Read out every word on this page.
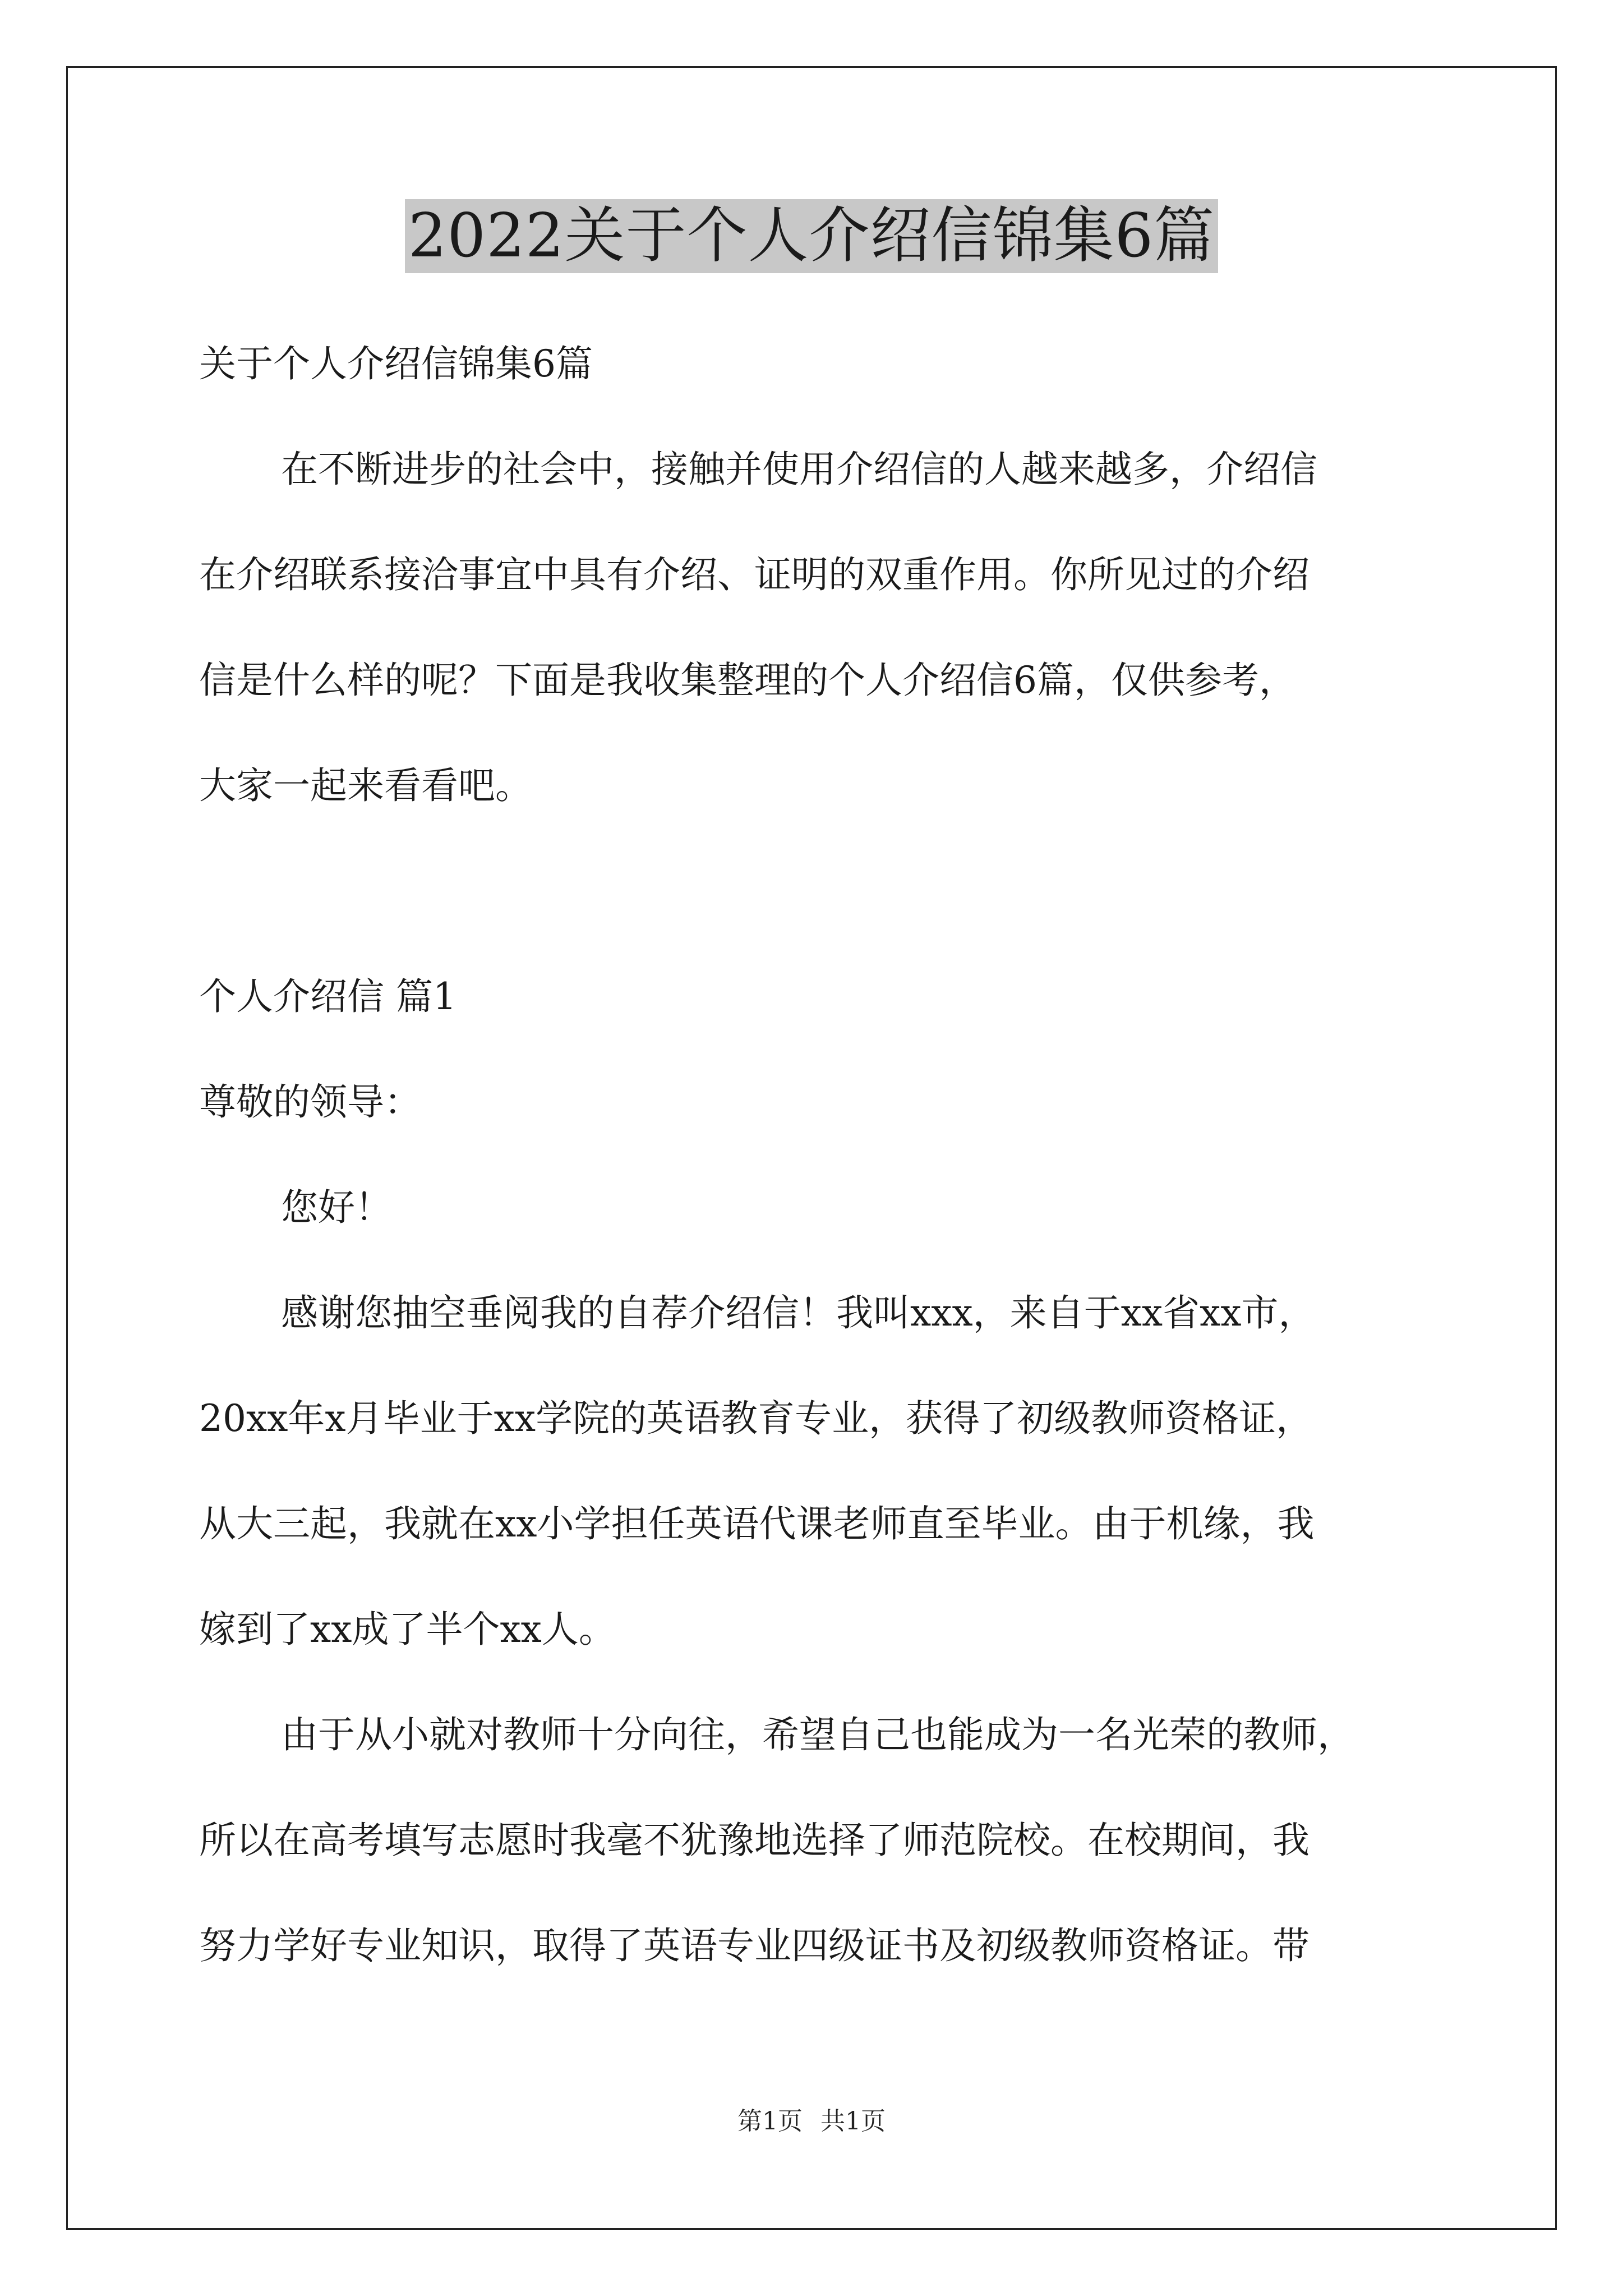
2022关于个人介绍信锦集6篇
关于个人介绍信锦集6篇
在不断进步的社会中，接触并使用介绍信的人越来越多，介绍信
在介绍联系接洽事宜中具有介绍、证明的双重作用。你所见过的介绍
信是什么样的呢？下面是我收集整理的个人介绍信6篇，仅供参考，
大家一起来看看吧。
个人介绍信 篇1
尊敬的领导：
您好！
感谢您抽空垂阅我的自荐介绍信！我叫xxx，来自于xx省xx市，
20xx年x月毕业于xx学院的英语教育专业，获得了初级教师资格证，
从大三起，我就在xx小学担任英语代课老师直至毕业。由于机缘，我
嫁到了xx成了半个xx人。
由于从小就对教师十分向往，希望自己也能成为一名光荣的教师，
所以在高考填写志愿时我毫不犹豫地选择了师范院校。在校期间，我
努力学好专业知识，取得了英语专业四级证书及初级教师资格证。带
第1页 共1页
